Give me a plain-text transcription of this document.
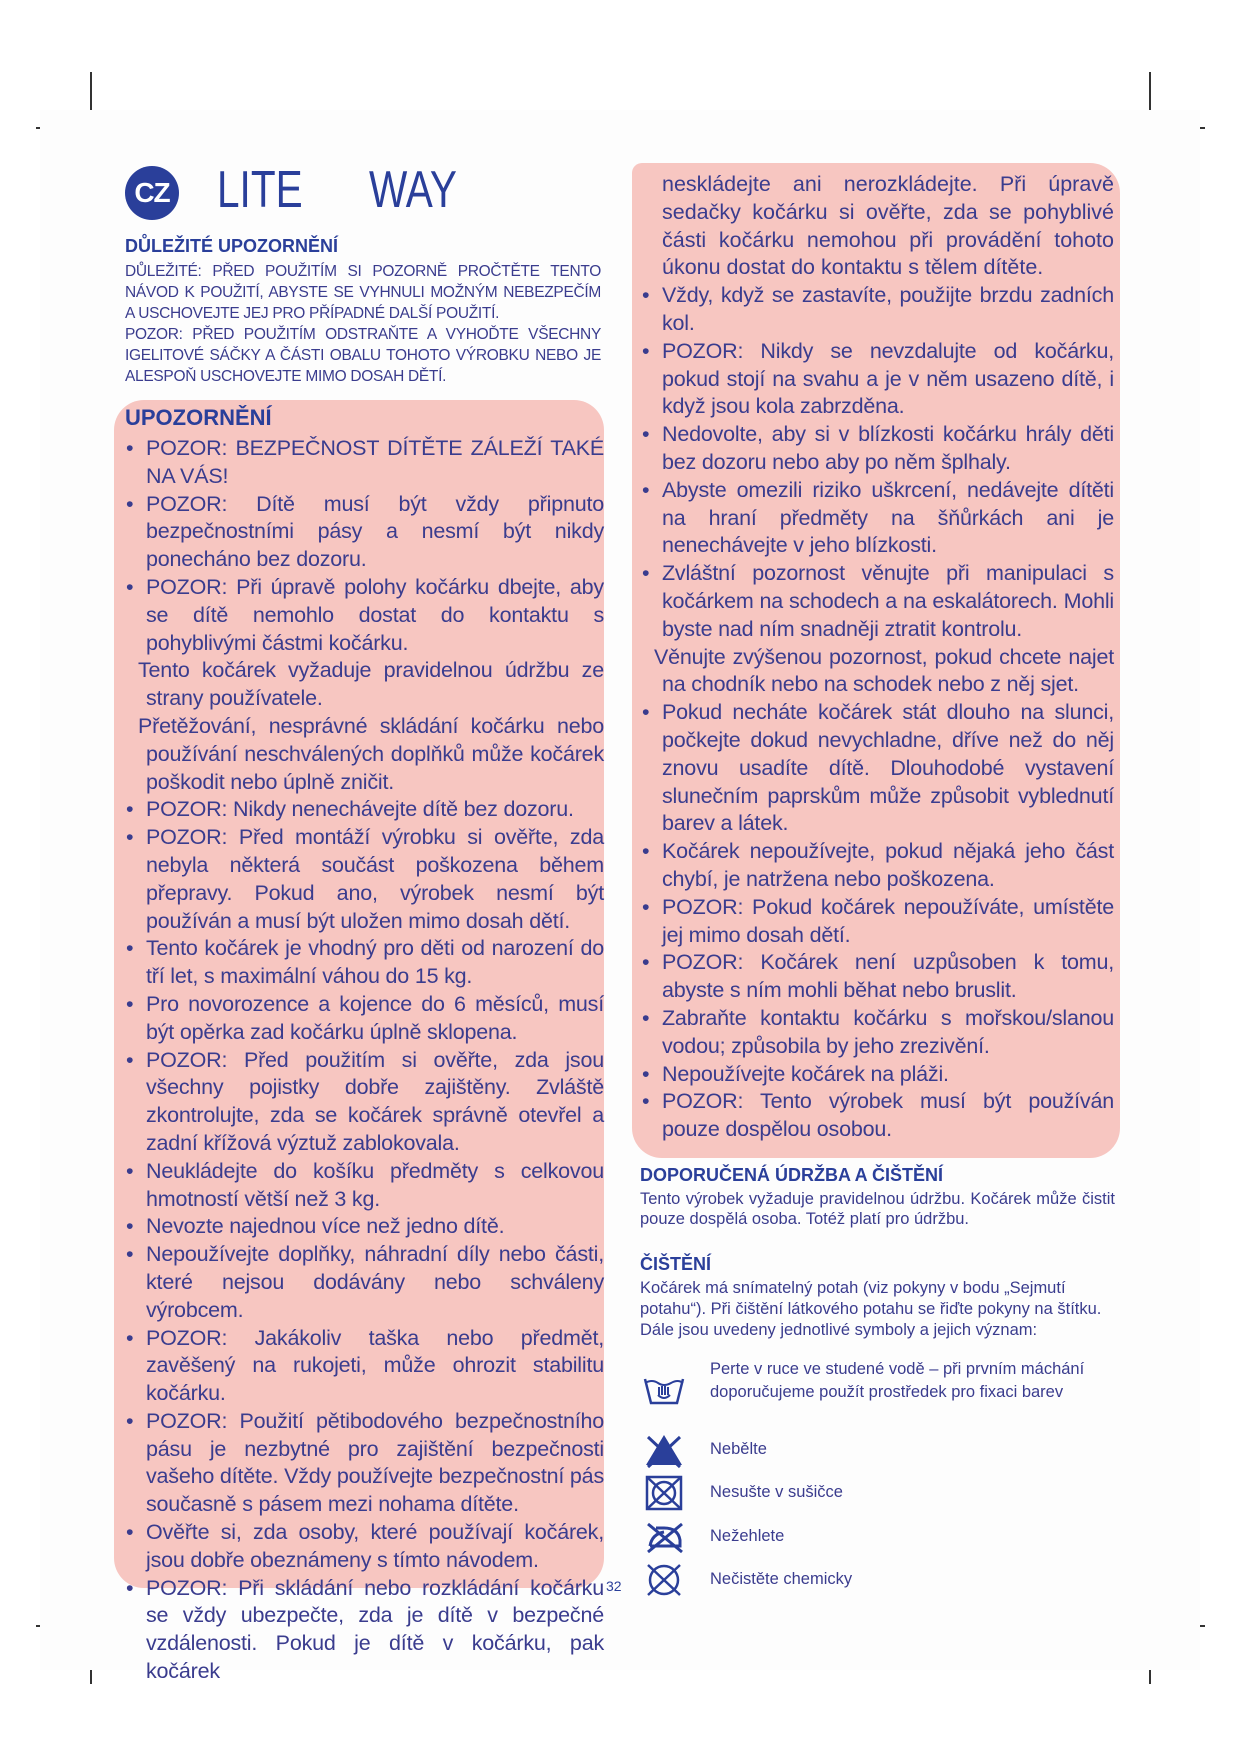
CZ LITE WAY
DŮLEŽITÉ UPOZORNĚNÍ

DŮLEŽITÉ: PŘED POUŽITÍM SI POZORNĚ PROČTĚTE TENTO NÁVOD K POUŽITÍ, ABYSTE SE VYHNULI MOŽNÝM NEBEZPEČÍM A USCHOVEJTE JEJ PRO PŘÍPADNÉ DALŠÍ POUŽITÍ.

POZOR: PŘED POUŽITÍM ODSTRAŇTE A VYHOĎTE VŠECHNY IGELITOVÉ SÁČKY A ČÁSTI OBALU TOHOTO VÝROBKU NEBO JE ALESPOŇ USCHOVEJTE MIMO DOSAH DĚTÍ.

UPOZORNĚNÍ
• POZOR: BEZPEČNOST DÍTĚTE ZÁLEŽÍ TAKÉ NA VÁS!
• POZOR: Dítě musí být vždy připnuto bezpečnostními pásy a nesmí být nikdy ponecháno bez dozoru.
• POZOR: Při úpravě polohy kočárku dbejte, aby se dítě nemohlo dostat do kontaktu s pohyblivými částmi kočárku.
Tento kočárek vyžaduje pravidelnou údržbu ze strany používatele.
Přetěžování, nesprávné skládání kočárku nebo používání neschválených doplňků může kočárek poškodit nebo úplně zničit.
• POZOR: Nikdy nenechávejte dítě bez dozoru.
• POZOR: Před montáží výrobku si ověřte, zda nebyla některá součást poškozena během přepravy. Pokud ano, výrobek nesmí být používán a musí být uložen mimo dosah dětí.
• Tento kočárek je vhodný pro děti od narození do tří let, s maximální váhou do 15 kg.
• Pro novorozence a kojence do 6 měsíců, musí být opěrka zad kočárku úplně sklopena.
• POZOR: Před použitím si ověřte, zda jsou všechny pojistky dobře zajištěny. Zvláště zkontrolujte, zda se kočárek správně otevřel a zadní křížová výztuž zablokovala.
• Neukládejte do košíku předměty s celkovou hmotností větší než 3 kg.
• Nevozte najednou více než jedno dítě.
• Nepoužívejte doplňky, náhradní díly nebo části, které nejsou dodávány nebo schváleny výrobcem.
• POZOR: Jakákoliv taška nebo předmět, zavěšený na rukojeti, může ohrozit stabilitu kočárku.
• POZOR: Použití pětibodového bezpečnostního pásu je nezbytné pro zajištění bezpečnosti vašeho dítěte. Vždy používejte bezpečnostní pás současně s pásem mezi nohama dítěte.
• Ověřte si, zda osoby, které používají kočárek, jsou dobře obeznámeny s tímto návodem.
• POZOR: Při skládání nebo rozkládání kočárku se vždy ubezpečte, zda je dítě v bezpečné vzdálenosti. Pokud je dítě v kočárku, pak kočárek

neskládejte ani nerozkládejte. Při úpravě sedačky kočárku si ověřte, zda se pohyblivé části kočárku nemohou při provádění tohoto úkonu dostat do kontaktu s tělem dítěte.

• Vždy, když se zastavíte, použijte brzdu zadních kol.
• POZOR: Nikdy se nevzdalujte od kočárku, pokud stojí na svahu a je v něm usazeno dítě, i když jsou kola zabrzděna.
• Nedovolte, aby si v blízkosti kočárku hrály děti bez dozoru nebo aby po něm šplhaly.
• Abyste omezili riziko uškrcení, nedávejte dítěti na hraní předměty na šňůrkách ani je nenechávejte v jeho blízkosti.
• Zvláštní pozornost věnujte při manipulaci s kočárkem na schodech a na eskalátorech. Mohli byste nad ním snadněji ztratit kontrolu.
Věnujte zvýšenou pozornost, pokud chcete najet na chodník nebo na schodek nebo z něj sjet.
• Pokud necháte kočárek stát dlouho na slunci, počkejte dokud nevychladne, dříve než do něj znovu usadíte dítě. Dlouhodobé vystavení slunečním paprskům může způsobit vyblednutí barev a látek.
• Kočárek nepoužívejte, pokud nějaká jeho část chybí, je natržena nebo poškozena.
• POZOR: Pokud kočárek nepoužíváte, umístěte jej mimo dosah dětí.
• POZOR: Kočárek není uzpůsoben k tomu, abyste s ním mohli běhat nebo bruslit.
• Zabraňte kontaktu kočárku s mořskou/slanou vodou; způsobila by jeho zrezivění.
• Nepoužívejte kočárek na pláži.
• POZOR: Tento výrobek musí být používán pouze dospělou osobou.
DOPORUČENÁ ÚDRŽBA A ČIŠTĚNÍ

Tento výrobek vyžaduje pravidelnou údržbu. Kočárek může čistit pouze dospělá osoba. Totéž platí pro údržbu.

ČIŠTĚNÍ

Kočárek má snímatelný potah (viz pokyny v bodu „Sejmutí potahu“). Při čištění látkového potahu se řiďte pokyny na štítku. Dále jsou uvedeny jednotlivé symboly a jejich význam:

Perte v ruce ve studené vodě – při prvním máchání
doporučujeme použít prostředek pro fixaci barev
Nebělte
Nesušte v sušičce
Nežehlete
Nečistěte chemicky
32
